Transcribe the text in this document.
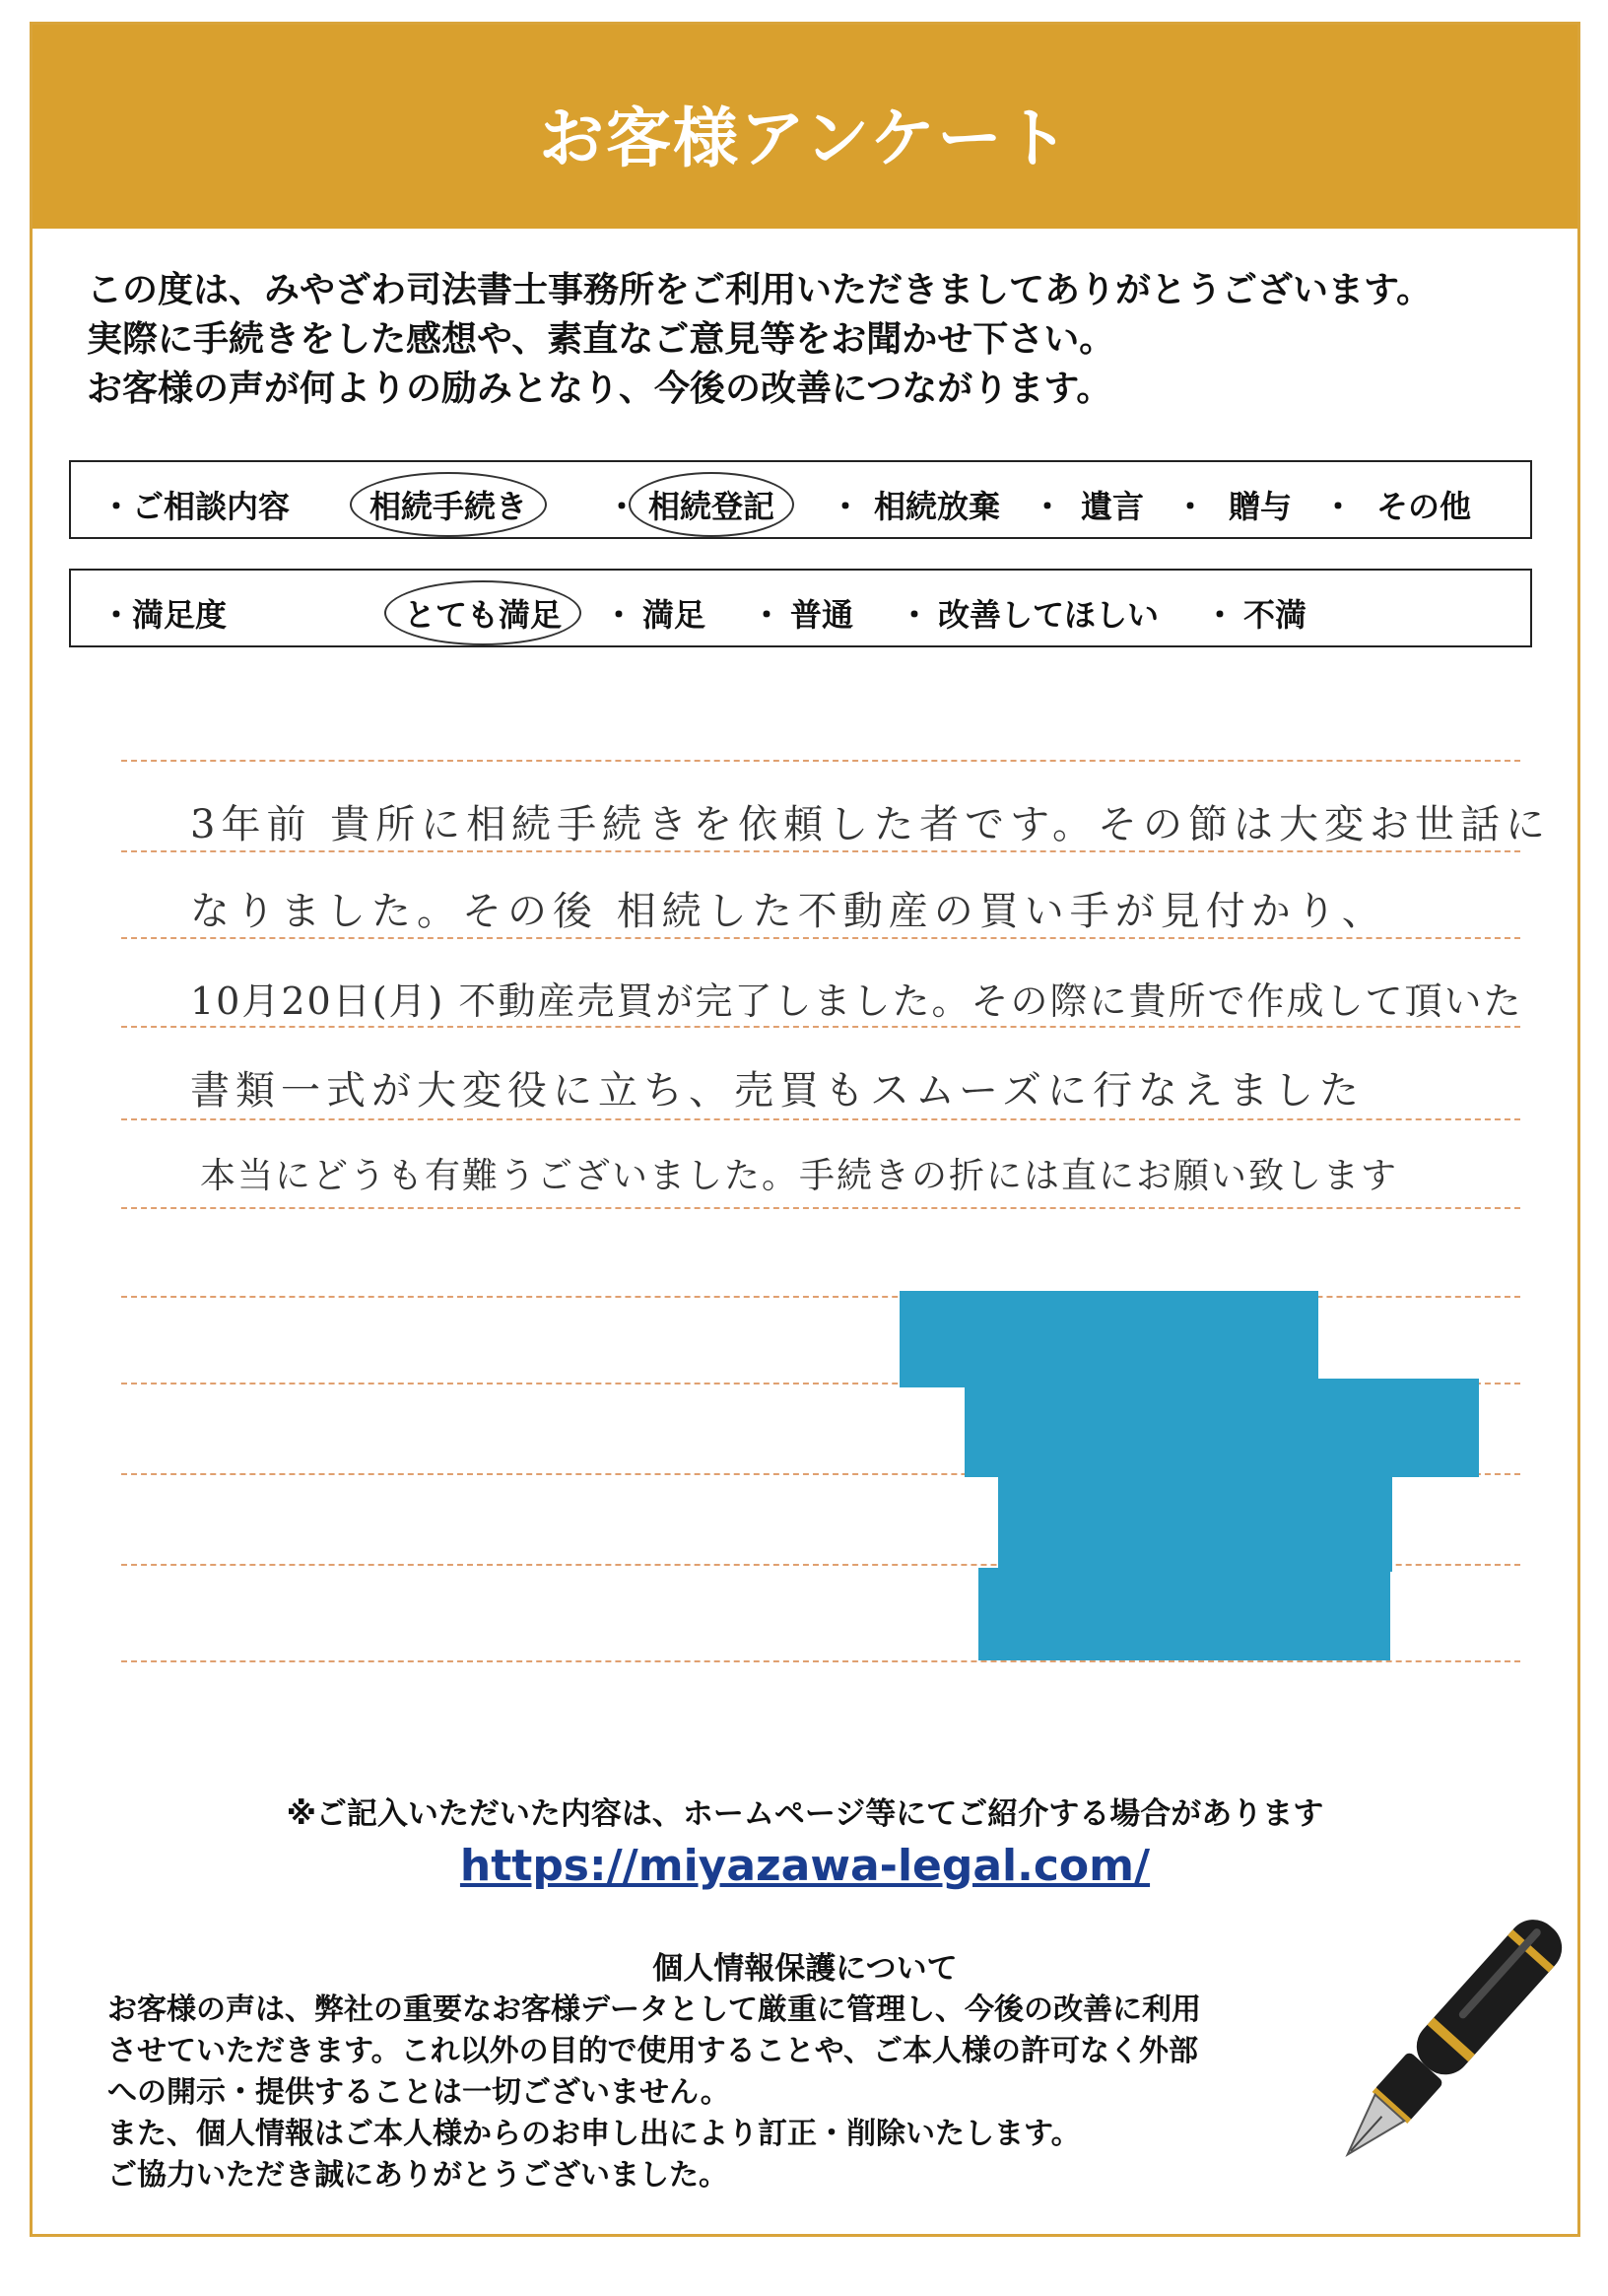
お客様アンケート
この度は、みやざわ司法書士事務所をご利用いただきましてありがとうございます。
実際に手続きをした感想や、素直なご意見等をお聞かせ下さい。
お客様の声が何よりの励みとなり、今後の改善につながります。
・ご相談内容	相続手続き	・ 相続登記	・ 相続放棄 ・ 遺言 ・ 贈与 ・ その他
・満足度	とても満足	・ 満足 ・ 普通 ・ 改善してほしい ・ 不満
3年前 貴所に相続手続きを依頼した者です。その節は大変お世話に
なりました。その後 相続した不動産の買い手が見付かり、
10月20日(月) 不動産売買が完了しました。その際に貴所で作成して頂いた
書類一式が大変役に立ち、売買もスムーズに行なえました
本当にどうも有難うございました。手続きの折には直にお願い致します
※ご記入いただいた内容は、ホームページ等にてご紹介する場合があります
https://miyazawa-legal.com/
個人情報保護について
お客様の声は、弊社の重要なお客様データとして厳重に管理し、今後の改善に利用
させていただきます。これ以外の目的で使用することや、ご本人様の許可なく外部
への開示・提供することは一切ございません。
また、個人情報はご本人様からのお申し出により訂正・削除いたします。
ご協力いただき誠にありがとうございました。
